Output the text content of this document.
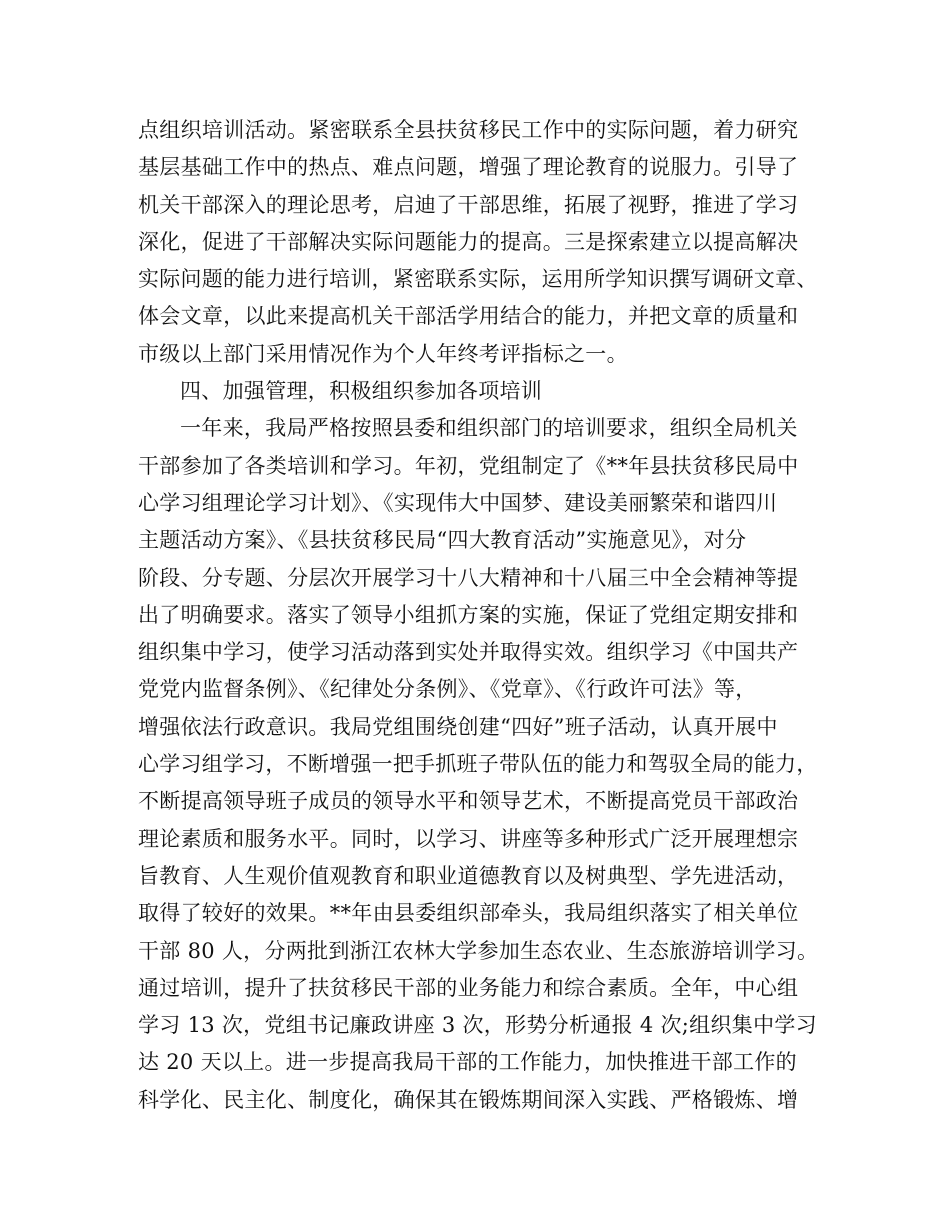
点组织培训活动。紧密联系全县扶贫移民工作中的实际问题，着力研究
基层基础工作中的热点、难点问题，增强了理论教育的说服力。引导了
机关干部深入的理论思考，启迪了干部思维，拓展了视野，推进了学习
深化，促进了干部解决实际问题能力的提高。三是探索建立以提高解决
实际问题的能力进行培训，紧密联系实际，运用所学知识撰写调研文章、
体会文章，以此来提高机关干部活学用结合的能力，并把文章的质量和
市级以上部门采用情况作为个人年终考评指标之一。
四、加强管理，积极组织参加各项培训
一年来，我局严格按照县委和组织部门的培训要求，组织全局机关
干部参加了各类培训和学习。年初，党组制定了《**年县扶贫移民局中
心学习组理论学习计划》、《实现伟大中国梦、建设美丽繁荣和谐四川
主题活动方案》、《县扶贫移民局“四大教育活动”实施意见》，对分
阶段、分专题、分层次开展学习十八大精神和十八届三中全会精神等提
出了明确要求。落实了领导小组抓方案的实施，保证了党组定期安排和
组织集中学习，使学习活动落到实处并取得实效。组织学习《中国共产
党党内监督条例》、《纪律处分条例》、《党章》、《行政许可法》等，
增强依法行政意识。我局党组围绕创建“四好”班子活动，认真开展中
心学习组学习，不断增强一把手抓班子带队伍的能力和驾驭全局的能力，
不断提高领导班子成员的领导水平和领导艺术，不断提高党员干部政治
理论素质和服务水平。同时，以学习、讲座等多种形式广泛开展理想宗
旨教育、人生观价值观教育和职业道德教育以及树典型、学先进活动，
取得了较好的效果。**年由县委组织部牵头，我局组织落实了相关单位
干部 80 人，分两批到浙江农林大学参加生态农业、生态旅游培训学习。
通过培训，提升了扶贫移民干部的业务能力和综合素质。全年，中心组
学习 13 次，党组书记廉政讲座 3 次，形势分析通报 4 次;组织集中学习
达 20 天以上。进一步提高我局干部的工作能力，加快推进干部工作的
科学化、民主化、制度化，确保其在锻炼期间深入实践、严格锻炼、增
